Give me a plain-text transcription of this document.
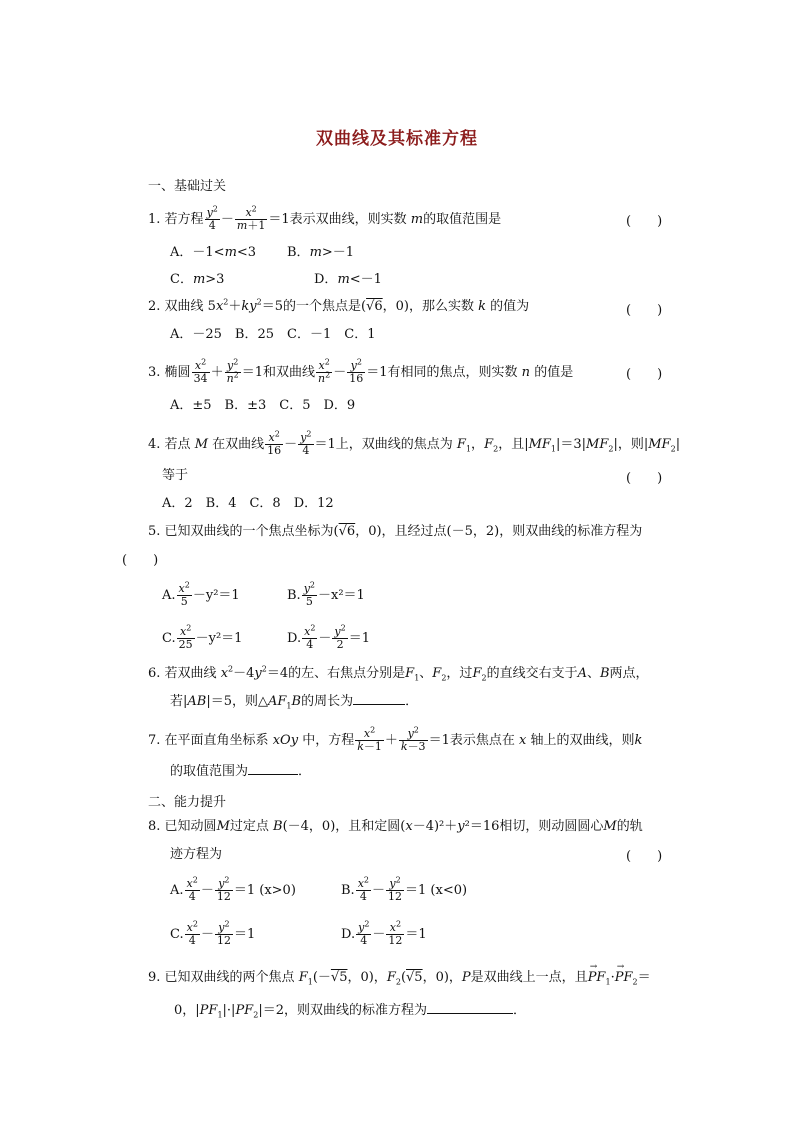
双曲线及其标准方程
一、基础过关
1. 若方程 $\frac{y^2}{4} - \frac{x^2}{m+1} =1$表示双曲线，则实数 m的取值范围是	(　　)
A．－1<m<3 B．m>－1
C．m>3	D．m<－1
2. 双曲线 $5x^2+ky^2=5$的一个焦点是(√6，0)，那么实数 k 的值为	(　　)
A．－25　B．25　C．－1　C．1
3. 椭圆 $\frac{x^2}{34} + \frac{y^2}{n^2} =1$和双曲线 $\frac{x^2}{n^2} - \frac{y^2}{16} =1$有相同的焦点，则实数 n 的值是	(　　)
A．±5　B．±3　C．5　D．9
4. 若点 M 在双曲线 $\frac{x^2}{16} - \frac{y^2}{4} =1$上，双曲线的焦点为 $F_1$，$F_2$，且$|MF_1|=3|MF_2|$，则$|MF_2|$
等于	(　　)
A．2　B．4　C．8　D．12
5. 已知双曲线的一个焦点坐标为(√6，0)，且经过点(－5，2)，则双曲线的标准方程为
(　　)
A. $\frac{x^2}{5} -y^2=1$	B. $\frac{y^2}{5} -x^2=1$
C. $\frac{x^2}{25} -y^2=1$	D. $\frac{x^2}{4} - \frac{y^2}{2} =1$
6. 若双曲线 $x^2-4y^2=4$的左、右焦点分别是$F_1$、$F_2$，过$F_2$的直线交右支于A、B两点，
若|AB|＝5，则$\triangle AF_1B$的周长为	．
7. 在平面直角坐标系 xOy 中，方程 $\frac{x^2}{k-1} + \frac{y^2}{k-3} =1$表示焦点在 x 轴上的双曲线，则k
的取值范围为	．
二、能力提升
8. 已知动圆M过定点 B(－4，0)，且和定圆(x－4)²＋y²＝16相切，则动圆圆心M的轨
迹方程为	(　　)
A. $\frac{x^2}{4} - \frac{y^2}{12} =1$ (x>0)	B. $\frac{x^2}{4} - \frac{y^2}{12} =1$ (x<0)
C. $\frac{x^2}{4} - \frac{y^2}{12} =1$	D. $\frac{y^2}{4} - \frac{x^2}{12} =1$
9. 已知双曲线的两个焦点 $F_1(-√5$，0)，$F_2(√5$，0)，P是双曲线上一点，且→ $PF_1\cdot\to PF_2=$
0，$|PF_1|\cdot|PF_2|=2$，则双曲线的标准方程为	．
